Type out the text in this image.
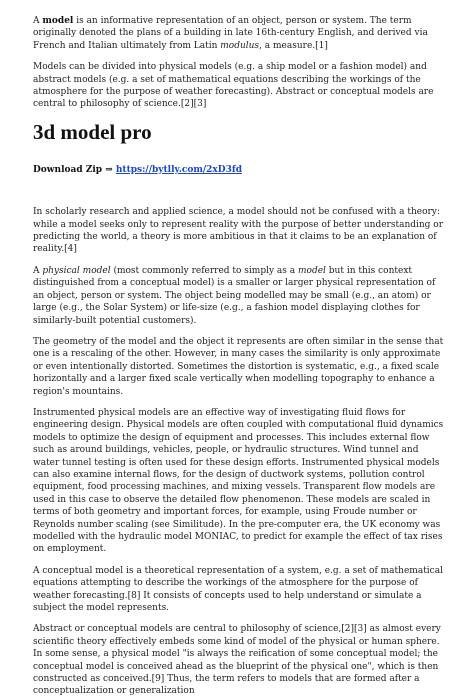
A model is an informative representation of an object, person or system. The term originally denoted the plans of a building in late 16th-century English, and derived via French and Italian ultimately from Latin modulus, a measure.[1]

Models can be divided into physical models (e.g. a ship model or a fashion model) and abstract models (e.g. a set of mathematical equations describing the workings of the atmosphere for the purpose of weather forecasting). Abstract or conceptual models are central to philosophy of science.[2][3]

3d model pro
Download Zip ⇒ https://bytlly.com/2xD3fd

In scholarly research and applied science, a model should not be confused with a theory: while a model seeks only to represent reality with the purpose of better understanding or predicting the world, a theory is more ambitious in that it claims to be an explanation of reality.[4]

A physical model (most commonly referred to simply as a model but in this context distinguished from a conceptual model) is a smaller or larger physical representation of an object, person or system. The object being modelled may be small (e.g., an atom) or large (e.g., the Solar System) or life-size (e.g., a fashion model displaying clothes for similarly-built potential customers).

The geometry of the model and the object it represents are often similar in the sense that one is a rescaling of the other. However, in many cases the similarity is only approximate or even intentionally distorted. Sometimes the distortion is systematic, e.g., a fixed scale horizontally and a larger fixed scale vertically when modelling topography to enhance a region's mountains.

Instrumented physical models are an effective way of investigating fluid flows for engineering design. Physical models are often coupled with computational fluid dynamics models to optimize the design of equipment and processes. This includes external flow such as around buildings, vehicles, people, or hydraulic structures. Wind tunnel and water tunnel testing is often used for these design efforts. Instrumented physical models can also examine internal flows, for the design of ductwork systems, pollution control equipment, food processing machines, and mixing vessels. Transparent flow models are used in this case to observe the detailed flow phenomenon. These models are scaled in terms of both geometry and important forces, for example, using Froude number or Reynolds number scaling (see Similitude). In the pre-computer era, the UK economy was modelled with the hydraulic model MONIAC, to predict for example the effect of tax rises on employment.

A conceptual model is a theoretical representation of a system, e.g. a set of mathematical equations attempting to describe the workings of the atmosphere for the purpose of weather forecasting.[8] It consists of concepts used to help understand or simulate a subject the model represents.

Abstract or conceptual models are central to philosophy of science,[2][3] as almost every scientific theory effectively embeds some kind of model of the physical or human sphere. In some sense, a physical model "is always the reification of some conceptual model; the conceptual model is conceived ahead as the blueprint of the physical one", which is then constructed as conceived.[9] Thus, the term refers to models that are formed after a conceptualization or generalization
